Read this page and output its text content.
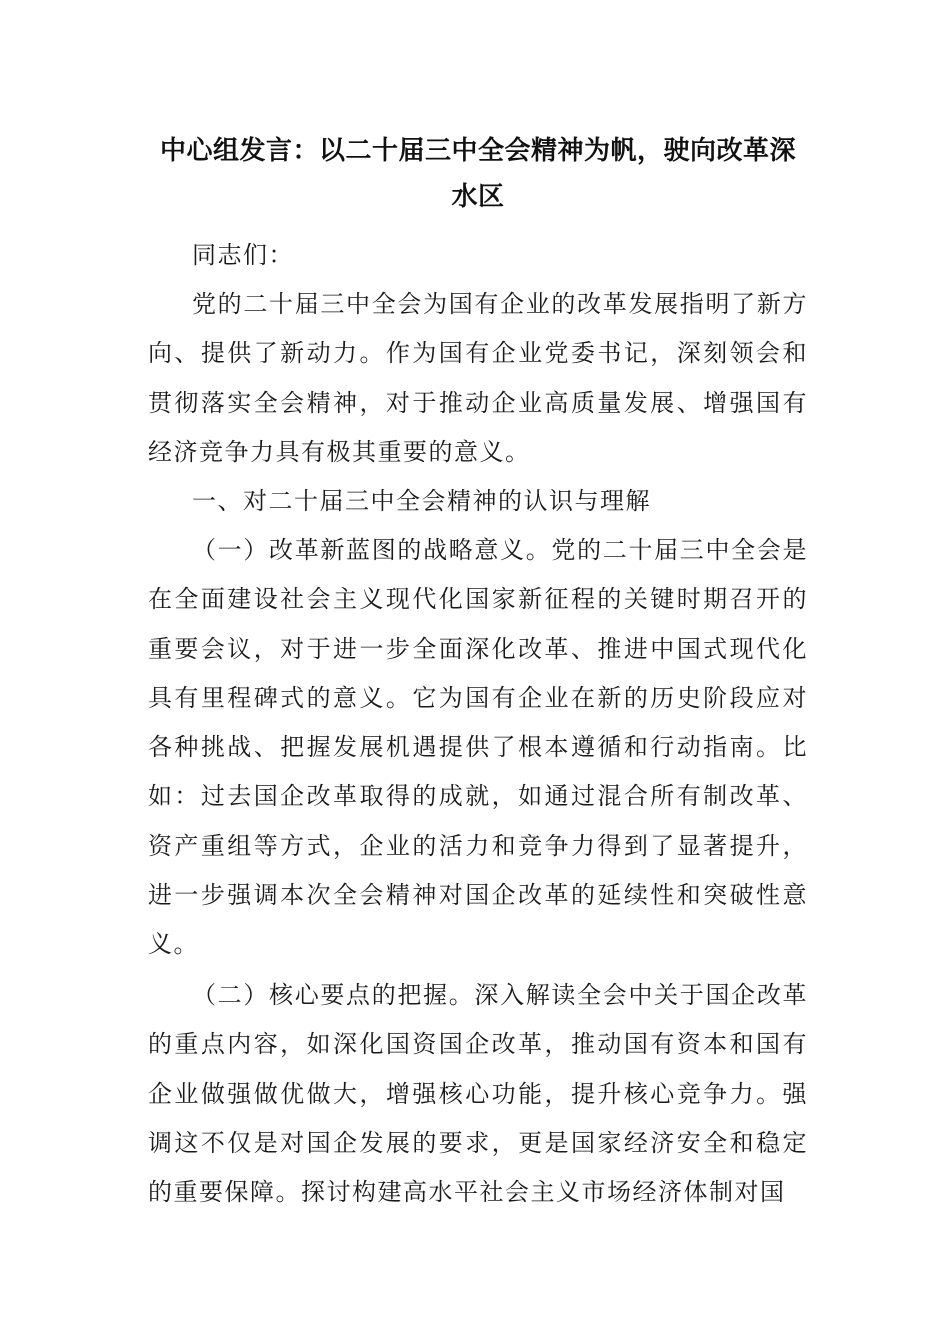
中心组发言：以二十届三中全会精神为帆，驶向改革深水区

同志们：

党的二十届三中全会为国有企业的改革发展指明了新方向、提供了新动力。作为国有企业党委书记，深刻领会和贯彻落实全会精神，对于推动企业高质量发展、增强国有经济竞争力具有极其重要的意义。

一、对二十届三中全会精神的认识与理解

（一）改革新蓝图的战略意义。党的二十届三中全会是在全面建设社会主义现代化国家新征程的关键时期召开的重要会议，对于进一步全面深化改革、推进中国式现代化具有里程碑式的意义。它为国有企业在新的历史阶段应对各种挑战、把握发展机遇提供了根本遵循和行动指南。比如：过去国企改革取得的成就，如通过混合所有制改革、资产重组等方式，企业的活力和竞争力得到了显著提升，进一步强调本次全会精神对国企改革的延续性和突破性意义。

（二）核心要点的把握。深入解读全会中关于国企改革的重点内容，如深化国资国企改革，推动国有资本和国有企业做强做优做大，增强核心功能，提升核心竞争力。强调这不仅是对国企发展的要求，更是国家经济安全和稳定的重要保障。探讨构建高水平社会主义市场经济体制对国
